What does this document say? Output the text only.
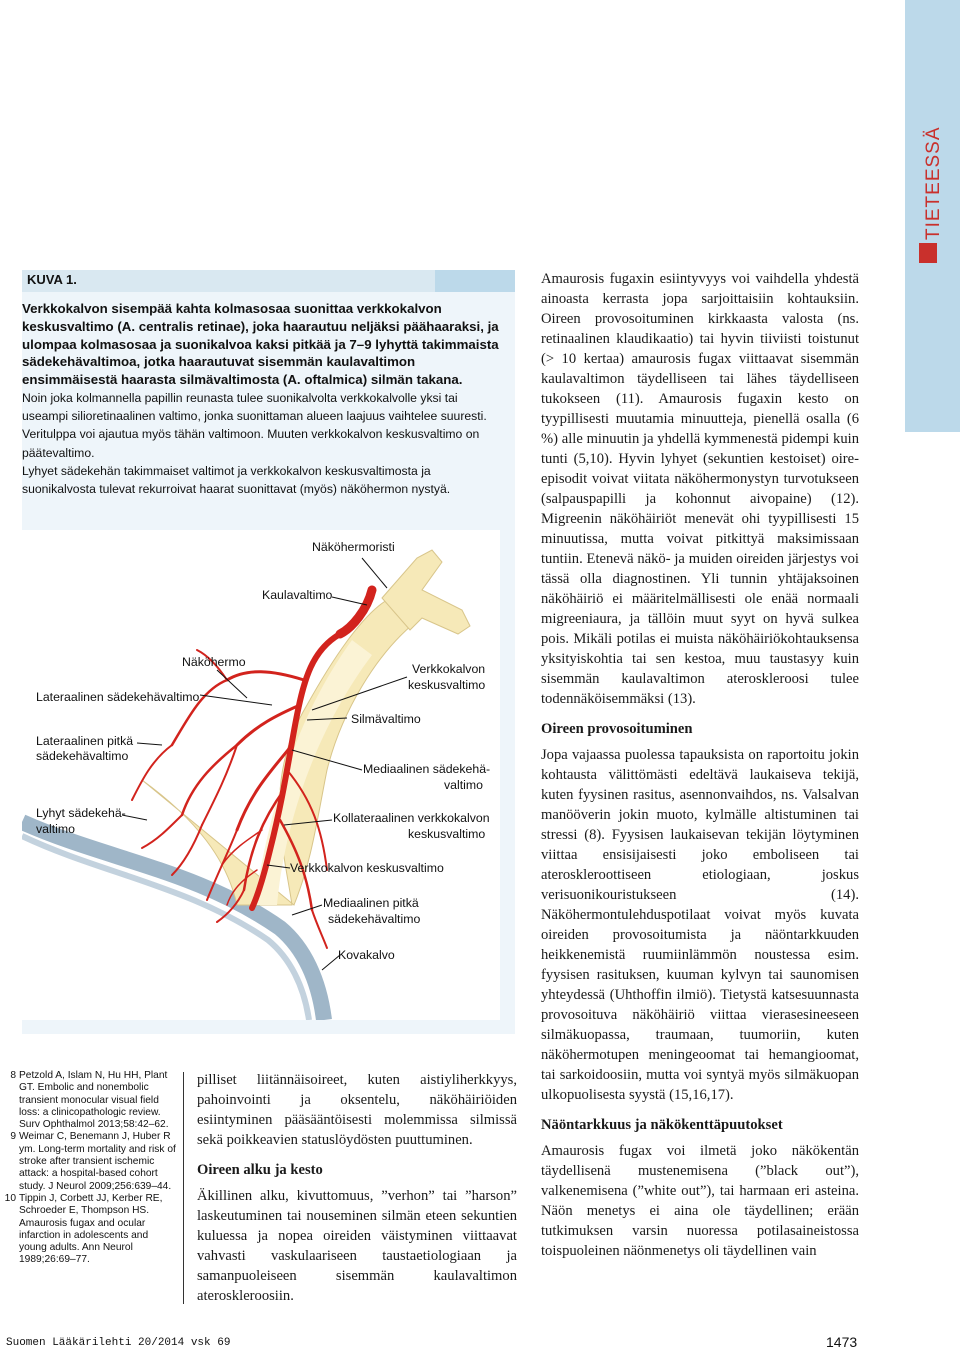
TIETEESSÄ
KUVA 1.

Verkkokalvon sisempää kahta kolmasosaa suonittaa verkkokalvon keskusvaltimo (A. centralis retinae), joka haarautuu neljäksi päähaaraksi, ja ulompaa kolmasosaa ja suonikalvoa kaksi pitkää ja 7–9 lyhyttä takimmaista sädekehävaltimoa, jotka haarautuvat sisemmän kaulavaltimon ensimmäisestä haarasta silmävaltimosta (A. oftalmica) silmän takana.

Noin joka kolmannella papillin reunasta tulee suonikalvolta verkkokalvolle yksi tai useampi silioretinaalinen valtimo, jonka suonittaman alueen laajuus vaihtelee suuresti. Veritulppa voi ajautua myös tähän valtimoon. Muuten verkkokalvon keskusvaltimo on päätevaltimo.

Lyhyet sädekehän takimmaiset valtimot ja verkkokalvon keskusvaltimosta ja suonikalvosta tulevat rekurroivat haarat suonittavat (myös) näköhermon nystyä.

Näköhermoristi
Kaulavaltimo
Näköhermo	Verkkokalvon
keskusvaltimo
Lateraalinen sädekehävaltimo
Silmävaltimo
Lateraalinen pitkä
sädekehävaltimo
Mediaalinen sädekehä-
valtimo
Lyhyt sädekehä-
valtimo
Kollateraalinen verkkokalvon
keskusvaltimo
Verkkokalvon keskusvaltimo
Mediaalinen pitkä
sädekehävaltimo
Kovakalvo
8 Petzold A, Islam N, Hu HH, Plant GT. Embolic and nonembolic transient monocular visual field loss: a clinicopathologic review. Surv Ophthalmol 2013;58:42–62.
9 Weimar C, Benemann J, Huber R ym. Long-term mortality and risk of stroke after transient ischemic attack: a hospital-based cohort study. J Neurol 2009;256:639–44.
10 Tippin J, Corbett JJ, Kerber RE, Schroeder E, Thompson HS. Amaurosis fugax and ocular infarction in adolescents and young adults. Ann Neurol 1989;26:69–77.

pilliset liitännäisoireet, kuten aistiyliherkkyys, pahoinvointi ja oksentelu, näköhäiriöiden esiintyminen pääsääntöisesti molemmissa silmissä sekä poikkeavien statuslöydösten puuttuminen.

Oireen alku ja kesto

Äkillinen alku, kivuttomuus, ”verhon” tai ”harson” laskeutuminen tai nouseminen silmän eteen sekuntien kuluessa ja nopea oireiden väistyminen viittaavat vahvasti vaskulaariseen taustaetiologiaan ja samanpuoleiseen sisemmän kaulavaltimon ateroskleroosiin.

Amaurosis fugaxin esiintyvyys voi vaihdella yhdestä ainoasta kerrasta jopa sarjoittaisiin kohtauksiin. Oireen provosoituminen kirkkaasta valosta (ns. retinaalinen klaudikaatio) tai hyvin tiiviisti toistunut (> 10 kertaa) amaurosis fugax viittaavat sisemmän kaulavaltimon täydelliseen tai lähes täydelliseen tukokseen (11). Amaurosis fugaxin kesto on tyypillisesti muutamia minuutteja, pienellä osalla (6 %) alle minuutin ja yhdellä kymmenestä pidempi kuin tunti (5,10). Hyvin lyhyet (sekuntien kestoiset) oire-episodit voivat viitata näköhermonystyn turvotukseen (salpauspapilli ja kohonnut aivopaine) (12). Migreenin näköhäiriöt menevät ohi tyypillisesti 15 minuutissa, mutta voivat pitkittyä maksimissaan tuntiin. Etenevä näkö- ja muiden oireiden järjestys voi tässä olla diagnostinen. Yli tunnin yhtäjaksoinen näköhäiriö ei määritelmällisesti ole enää normaali migreeniaura, ja tällöin muut syyt on hyvä sulkea pois. Mikäli potilas ei muista näköhäiriökohtauksensa yksityiskohtia tai sen kestoa, muu taustasyy kuin sisemmän kaulavaltimon ateroskleroosi tulee todennäköisemmäksi (13).

Oireen provosoituminen

Jopa vajaassa puolessa tapauksista on raportoitu jokin kohtausta välittömästi edeltävä laukaiseva tekijä, kuten fyysinen rasitus, asennonvaihdos, ns. Valsalvan manööverin jokin muoto, kylmälle altistuminen tai stressi (8). Fyysisen laukaisevan tekijän löytyminen viittaa ensisijaisesti joko emboliseen tai ateroskleroottiseen etiologiaan, joskus verisuonikouristukseen (14). Näköhermontulehduspotilaat voivat myös kuvata oireiden provosoitumista ja näöntarkkuuden heikkenemistä ruumiinlämmön noustessa esim. fyysisen rasituksen, kuuman kylvyn tai saunomisen yhteydessä (Uhthoffin ilmiö). Tietystä katsesuunnasta provosoituva näköhäiriö viittaa vierasesineeseen silmäkuopassa, traumaan, tuumoriin, kuten näköhermotupen meningeoomat tai hemangioomat, tai sarkoidoosiin, mutta voi syntyä myös silmäkuopan ulkopuolisesta syystä (15,16,17).

Näöntarkkuus ja näkökenttäpuutokset

Amaurosis fugax voi ilmetä joko näkökentän täydellisenä mustenemisena (”black out”), valkenemisena (”white out”), tai harmaan eri asteina. Näön menetys ei aina ole täydellinen; erään tutkimuksen varsin nuoressa potilasaineistossa toispuoleinen näönmenetys oli täydellinen vain

Suomen Lääkärilehti 20/2014 vsk 69	1473
